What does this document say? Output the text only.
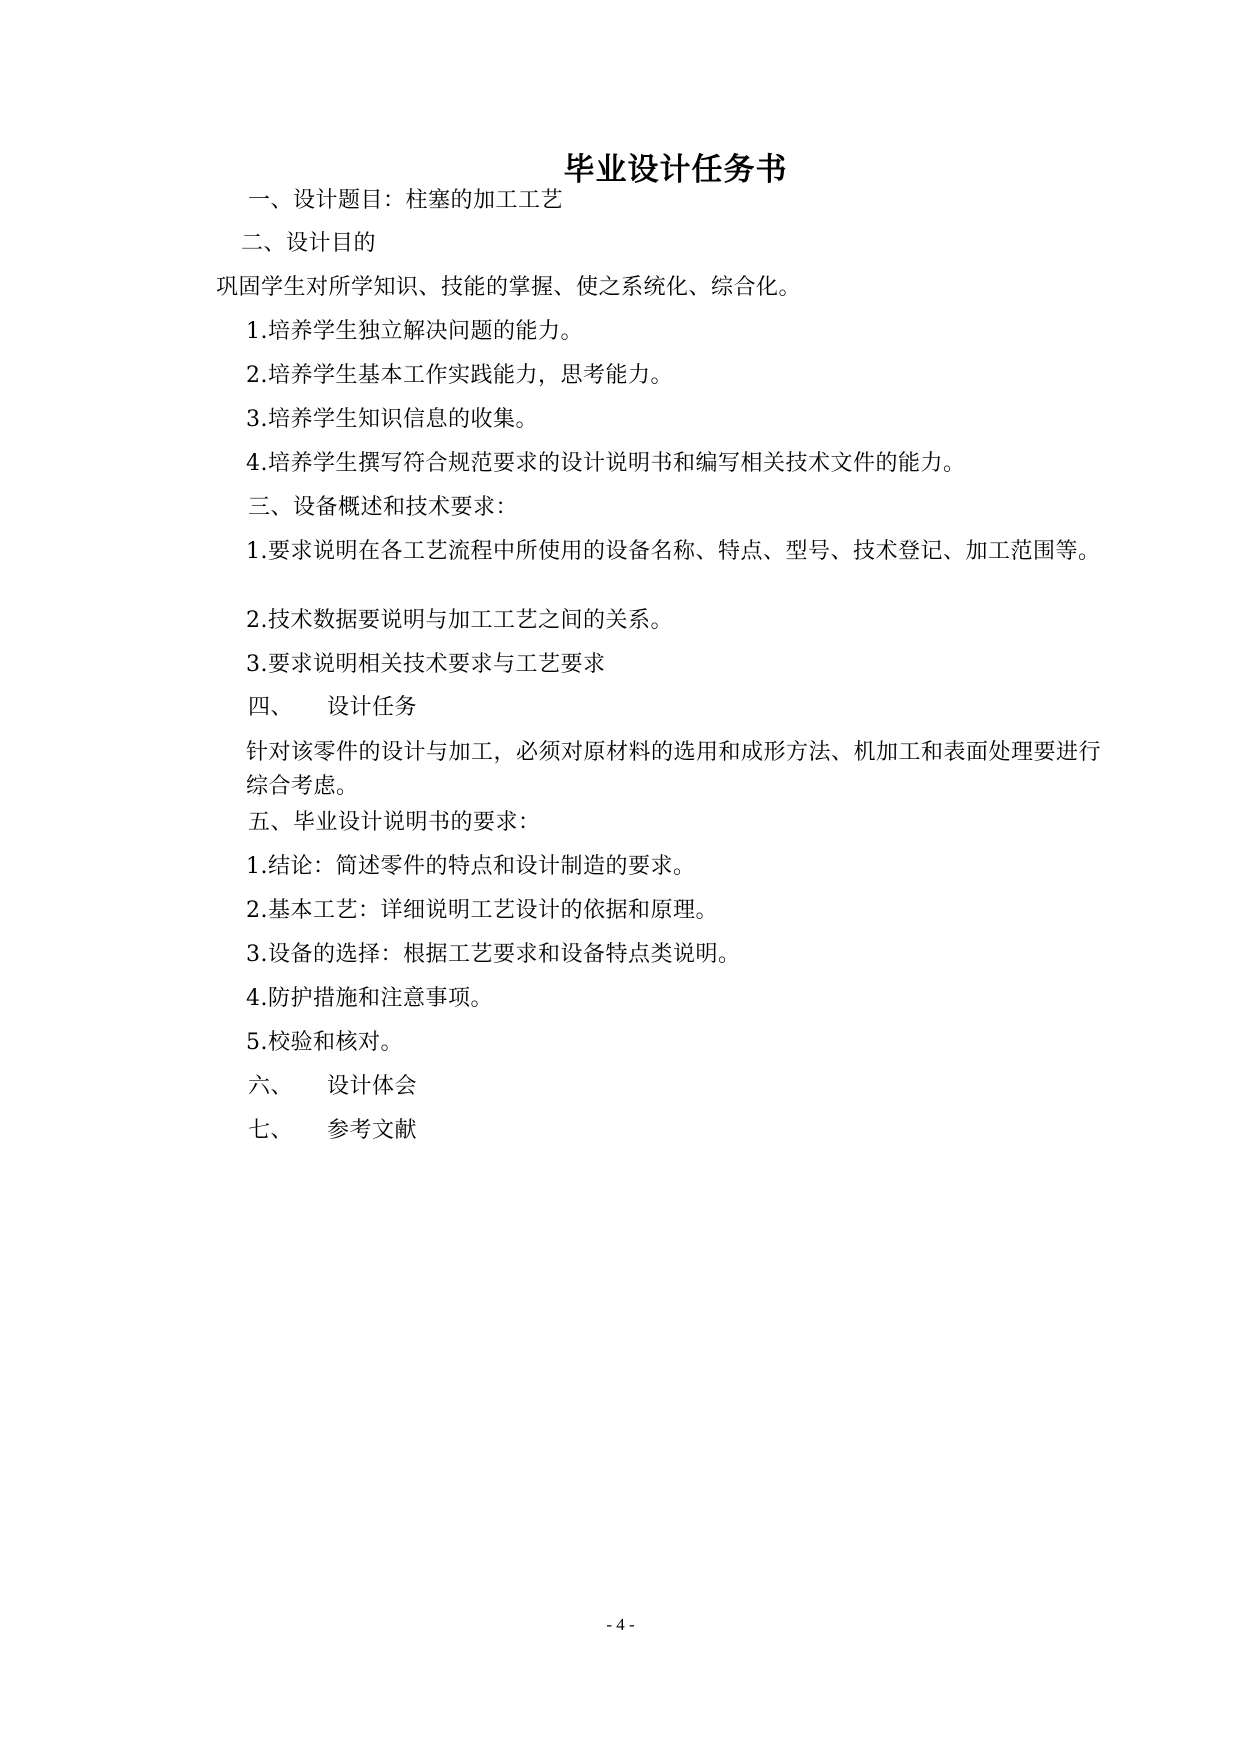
毕业设计任务书
一、设计题目：柱塞的加工工艺
二、设计目的
巩固学生对所学知识、技能的掌握、使之系统化、综合化。
1.培养学生独立解决问题的能力。
2.培养学生基本工作实践能力，思考能力。
3.培养学生知识信息的收集。
4.培养学生撰写符合规范要求的设计说明书和编写相关技术文件的能力。
三、设备概述和技术要求：
1.要求说明在各工艺流程中所使用的设备名称、特点、型号、技术登记、加工范围等。
2.技术数据要说明与加工工艺之间的关系。
3.要求说明相关技术要求与工艺要求
四、 设计任务
针对该零件的设计与加工，必须对原材料的选用和成形方法、机加工和表面处理要进行综合考虑。
五、毕业设计说明书的要求：
1.结论：简述零件的特点和设计制造的要求。
2.基本工艺：详细说明工艺设计的依据和原理。
3.设备的选择：根据工艺要求和设备特点类说明。
4.防护措施和注意事项。
5.校验和核对。
六、 设计体会
七、 参考文献
- 4 -
